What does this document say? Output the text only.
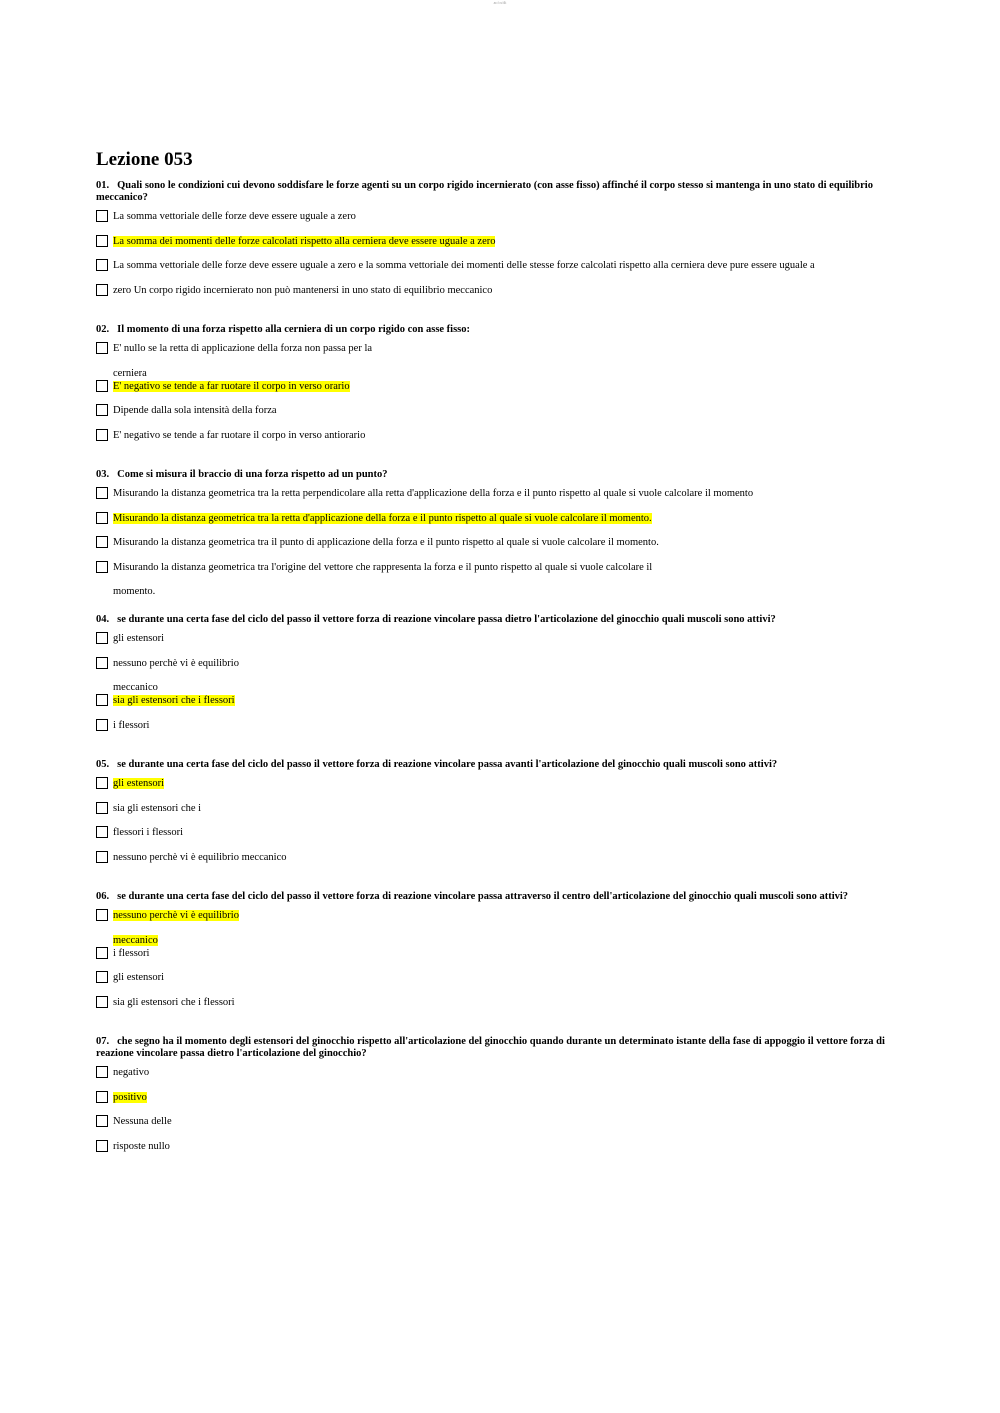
ac/cx/dt
Lezione 053

01. Quali sono le condizioni cui devono soddisfare le forze agenti su un corpo rigido incernierato (con asse fisso) affinché il corpo stesso si mantenga in uno stato di equilibrio meccanico?

La somma vettoriale delle forze deve essere uguale a zero
La somma dei momenti delle forze calcolati rispetto alla cerniera deve essere uguale a zero
La somma vettoriale delle forze deve essere uguale a zero e la somma vettoriale dei momenti delle stesse forze calcolati rispetto alla cerniera deve pure essere uguale a
zero Un corpo rigido incernierato non può mantenersi in uno stato di equilibrio meccanico

02. Il momento di una forza rispetto alla cerniera di un corpo rigido con asse fisso:

E' nullo se la retta di applicazione della forza non passa per la
cerniera
E' negativo se tende a far ruotare il corpo in verso orario
Dipende dalla sola intensità della forza
E' negativo se tende a far ruotare il corpo in verso antiorario

03. Come si misura il braccio di una forza rispetto ad un punto?

Misurando la distanza geometrica tra la retta perpendicolare alla retta d'applicazione della forza e il punto rispetto al quale si vuole calcolare il momento
Misurando la distanza geometrica tra la retta d'applicazione della forza e il punto rispetto al quale si vuole calcolare il momento.
Misurando la distanza geometrica tra il punto di applicazione della forza e il punto rispetto al quale si vuole calcolare il momento.
Misurando la distanza geometrica tra l'origine del vettore che rappresenta la forza e il punto rispetto al quale si vuole calcolare il
momento.

04. se durante una certa fase del ciclo del passo il vettore forza di reazione vincolare passa dietro l'articolazione del ginocchio quali muscoli sono attivi?

gli estensori
nessuno perchè vi è equilibrio
meccanico
sia gli estensori che i flessori
i flessori

05. se durante una certa fase del ciclo del passo il vettore forza di reazione vincolare passa avanti l'articolazione del ginocchio quali muscoli sono attivi?

gli estensori
sia gli estensori che i
flessori i flessori
nessuno perchè vi è equilibrio meccanico

06. se durante una certa fase del ciclo del passo il vettore forza di reazione vincolare passa attraverso il centro dell'articolazione del ginocchio quali muscoli sono attivi?

nessuno perchè vi è equilibrio
meccanico
i flessori
gli estensori
sia gli estensori che i flessori

07. che segno ha il momento degli estensori del ginocchio rispetto all'articolazione del ginocchio quando durante un determinato istante della fase di appoggio il vettore forza di reazione vincolare passa dietro l'articolazione del ginocchio?

negativo
positivo
Nessuna delle
risposte nullo
